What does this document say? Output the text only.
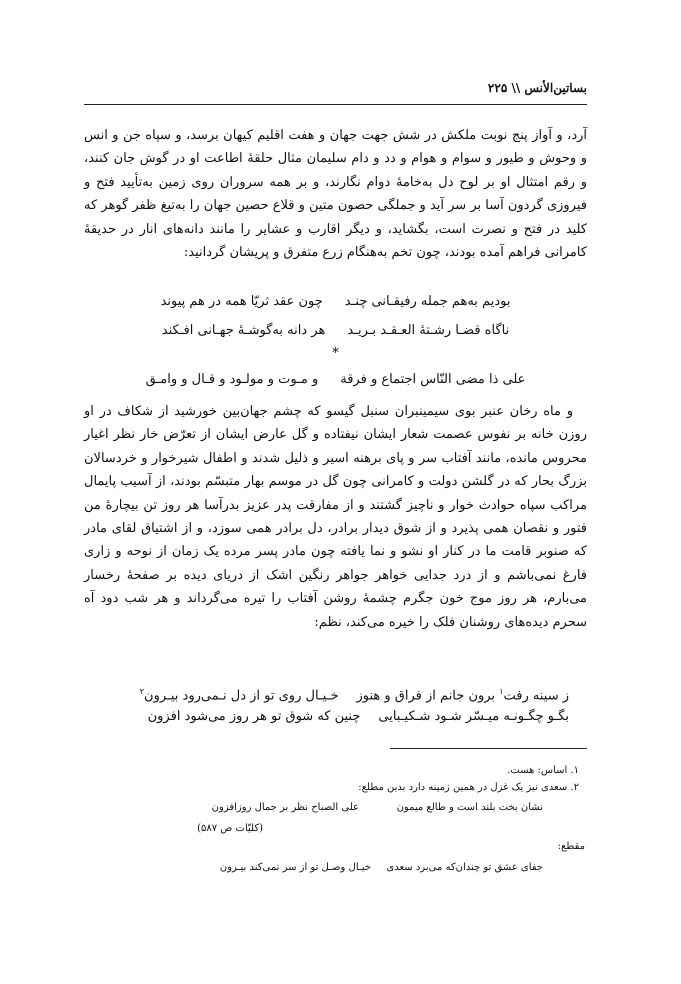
بساتین‌الأنس \\ ۲۲۵

آرد، و آواز پنج نوبت ملکش در شش جهت جهان و هفت اقلیم کیهان برسد، و سپاه جن و انس و وحوش و طیور و سوام و هوام و دد و دام سلیمان مثال حلقهٔ اطاعت او در گوش جان کنند، و رقم امتثال او بر لوح دل به‌خامهٔ دوام نگارند، و بر همه سروران روی زمین به‌تأیید فتح و فیروزی گردون آسا بر سر آید و جملگی حصون متین و قلاع حصین جهان را به‌تیغ ظفر گوهر که کلید در فتح و نصرت است، بگشاید، و دیگر اقارب و عشایر را مانند دانه‌های انار در حدیقهٔ کامرانی فراهم آمده بودند، چون تخم به‌هنگام زرع متفرق و پریشان گردانید:

بودیم به‌هم جمله رفیقـانی چنـد
چون عقد ثریّا همه در هم پیوند
ناگاه قضـا رشـتهٔ العـقـد بـریـد
هر دانه به‌گوشـهٔ جهـانی افـکند
*
علی ذا مضی النّاس اجتماع و فرقة
و مـوت و مولـود و قـال و وامـق

و ماه رخان عنبر بوی سیمینبران سنبل گیسو که چشم جهان‌بین خورشید از شکاف در او روزن خانه بر نفوس عصمت شعار ایشان نیفتاده و گل عارض ایشان از تعرّض خار نظر اغیار محروس مانده، مانند آفتاب سر و پای برهنه اسیر و ذلیل شدند و اطفال شیرخوار و خردسالان بزرگ بحار که در گلشن دولت و کامرانی چون گل در موسم بهار متبسّم بودند، از آسیب پایمال مراکب سپاه حوادث خوار و ناچیز گشتند و از مفارقت پدر عزیز بدرآسا هر روز تن بیچارهٔ من فتور و نقصان همی پذیرد و از شوق دیدار برادر، دل برادر همی سوزد، و از اشتیاق لقای مادر که صنوبر قامت ما در کنار او نشو و نما یافته چون مادر پسر مرده یک زمان از نوحه و زاری فارغ نمی‌باشم و از درد جدایی خواهر جواهر رنگین اشک از دریای دیده بر صفحهٔ رخسار می‌بارم، هر روز موج خون جگرم چشمهٔ روشن آفتاب را تیره می‌گرداند و هر شب دود آه سحرم دیده‌های روشنان فلک را خیره می‌کند، نظم:

ز سینه رفت$^۱$ برون جانم از فراق و هنوز
خـیـال روی تو از دل نـمی‌رود بیـرون$^۲$
بگـو چگـونـه میـسّر شـود شـکیـبایی
چنین که شوق تو هر روز می‌شود افزون
۱. اساس: هست.
۲. سعدی نیز یک غزل در همین زمینه دارد بدین مطلع:
نشان بخت بلند است و طالع میمون
علی الصباح نظر بر جمال روزافزون
(کلیّات ص ۵۸۷)
مقطع:
جفای عشق تو چندان‌که می‌برد سعدی
خیـال وصـل تو از سر نمی‌کند بیـرون
